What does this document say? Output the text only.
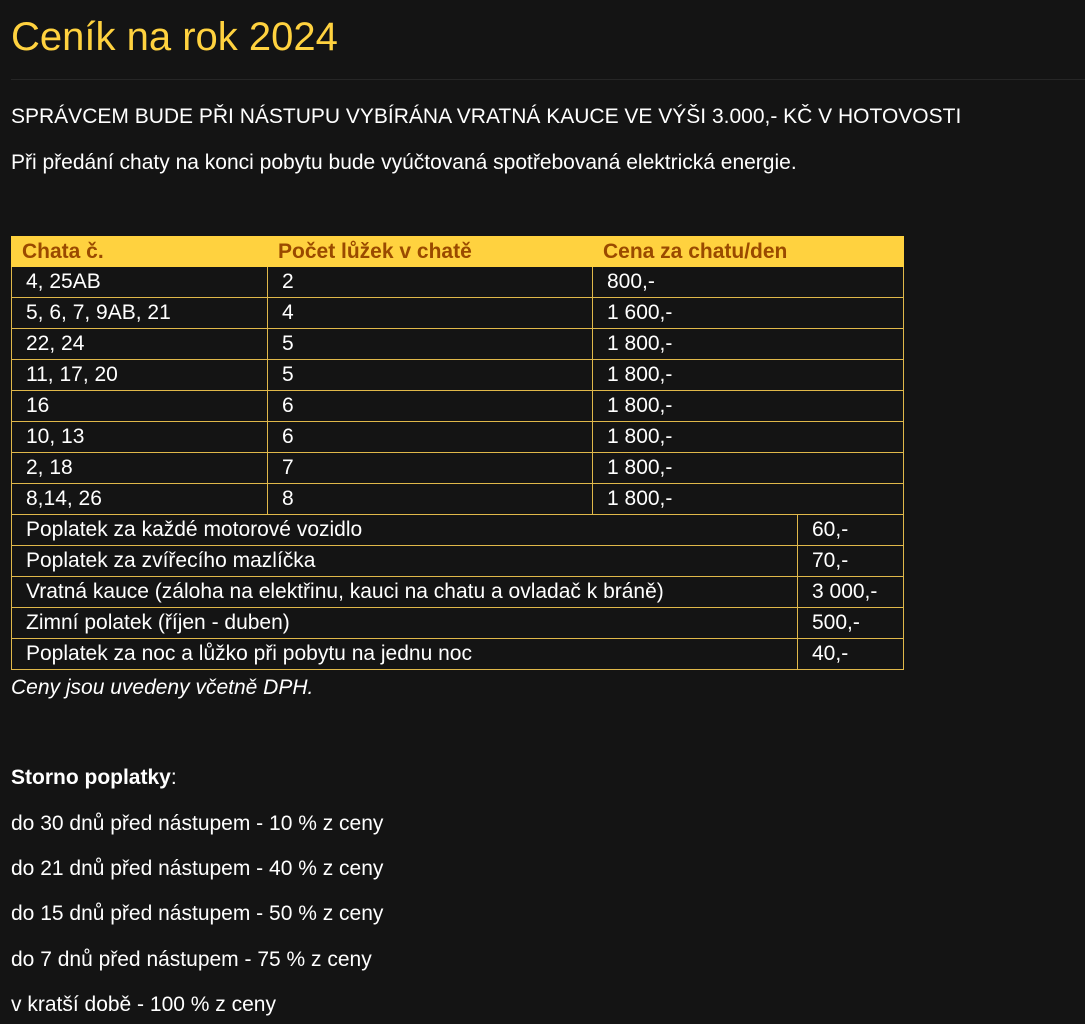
Ceník na rok 2024

SPRÁVCEM BUDE PŘI NÁSTUPU VYBÍRÁNA VRATNÁ KAUCE VE VÝŠI 3.000,- KČ V HOTOVOSTI

Při předání chaty na konci pobytu bude vyúčtovaná spotřebovaná elektrická energie.

Chata č.	Počet lůžek v chatě	Cena za chatu/den
4, 25AB	2	800,-
5, 6, 7, 9AB, 21	4	1 600,-
22, 24	5	1 800,-
11, 17, 20	5	1 800,-
16	6	1 800,-
10, 13	6	1 800,-
2, 18	7	1 800,-
8,14, 26	8	1 800,-
Poplatek za každé motorové vozidlo	60,-
Poplatek za zvířecího mazlíčka	70,-
Vratná kauce (záloha na elektřinu, kauci na chatu a ovladač k bráně)	3 000,-
Zimní polatek (říjen - duben)	500,-
Poplatek za noc a lůžko při pobytu na jednu noc	40,-

Ceny jsou uvedeny včetně DPH.

Storno poplatky:

do 30 dnů před nástupem - 10 % z ceny

do 21 dnů před nástupem - 40 % z ceny

do 15 dnů před nástupem - 50 % z ceny

do 7 dnů před nástupem - 75 % z ceny

v kratší době - 100 % z ceny
